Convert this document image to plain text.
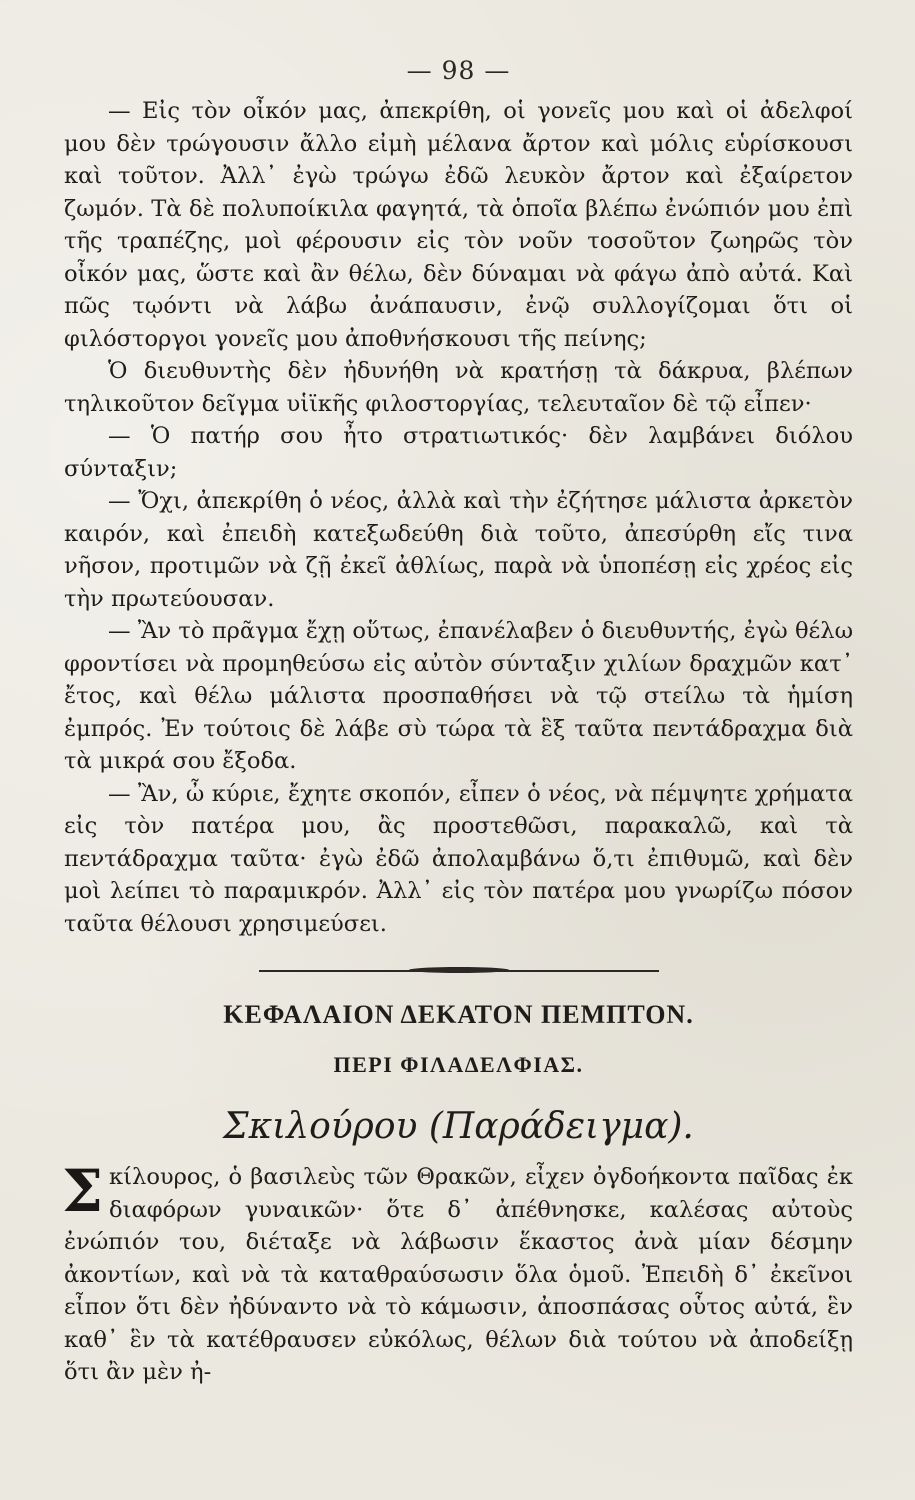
— 98 —

— Εἰς τὸν οἶκόν μας, ἀπεκρίθη, οἱ γονεῖς μου καὶ οἱ ἀδελφοί μου δὲν τρώγουσιν ἄλλο εἰμὴ μέλανα ἄρτον καὶ μόλις εὑρίσκουσι καὶ τοῦτον. Ἀλλ᾽ ἐγὼ τρώγω ἐδῶ λευκὸν ἄρτον καὶ ἐξαίρετον ζωμόν. Τὰ δὲ πολυποίκιλα φαγητά, τὰ ὁποῖα βλέπω ἐνώπιόν μου ἐπὶ τῆς τραπέζης, μοὶ φέρουσιν εἰς τὸν νοῦν τοσοῦτον ζωηρῶς τὸν οἶκόν μας, ὥστε καὶ ἂν θέλω, δὲν δύναμαι νὰ φάγω ἀπὸ αὐτά. Καὶ πῶς τῳόντι νὰ λάβω ἀνάπαυσιν, ἐνῷ συλλογίζομαι ὅτι οἱ φιλόστοργοι γονεῖς μου ἀποθνήσκουσι τῆς πείνης;

Ὁ διευθυντὴς δὲν ἠδυνήθη νὰ κρατήσῃ τὰ δάκρυα, βλέπων τηλικοῦτον δεῖγμα υἱϊκῆς φιλοστοργίας, τελευταῖον δὲ τῷ εἶπεν·

— Ὁ πατήρ σου ἦτο στρατιωτικός· δὲν λαμβάνει διόλου σύνταξιν;

— Ὄχι, ἀπεκρίθη ὁ νέος, ἀλλὰ καὶ τὴν ἐζήτησε μάλιστα ἀρκετὸν καιρόν, καὶ ἐπειδὴ κατεξωδεύθη διὰ τοῦτο, ἀπεσύρθη εἴς τινα νῆσον, προτιμῶν νὰ ζῇ ἐκεῖ ἀθλίως, παρὰ νὰ ὑποπέσῃ εἰς χρέος εἰς τὴν πρωτεύουσαν.

— Ἂν τὸ πρᾶγμα ἔχῃ οὕτως, ἐπανέλαβεν ὁ διευθυντής, ἐγὼ θέλω φροντίσει νὰ προμηθεύσω εἰς αὐτὸν σύνταξιν χιλίων δραχμῶν κατ᾽ ἔτος, καὶ θέλω μάλιστα προσπαθήσει νὰ τῷ στείλω τὰ ἡμίση ἐμπρός. Ἐν τούτοις δὲ λάβε σὺ τώρα τὰ ἓξ ταῦτα πεντάδραχμα διὰ τὰ μικρά σου ἔξοδα.

— Ἂν, ὦ κύριε, ἔχητε σκοπόν, εἶπεν ὁ νέος, νὰ πέμψητε χρήματα εἰς τὸν πατέρα μου, ἂς προστεθῶσι, παρακαλῶ, καὶ τὰ πεντάδραχμα ταῦτα· ἐγὼ ἐδῶ ἀπολαμβάνω ὅ,τι ἐπιθυμῶ, καὶ δὲν μοὶ λείπει τὸ παραμικρόν. Ἀλλ᾽ εἰς τὸν πατέρα μου γνωρίζω πόσον ταῦτα θέλουσι χρησιμεύσει.

ΚΕΦΑΛΑΙΟΝ ΔΕΚΑΤΟΝ ΠΕΜΠΤΟΝ.
ΠΕΡΙ ΦΙΛΑΔΕΛΦΙΑΣ.
Σκιλούρου (Παράδειγμα).

Σ κίλουρος, ὁ βασιλεὺς τῶν Θρακῶν, εἶχεν ὀγδοήκοντα παῖδας ἐκ διαφόρων γυναικῶν· ὅτε δ᾽ ἀπέθνησκε, καλέσας αὐτοὺς ἐνώπιόν του, διέταξε νὰ λάβωσιν ἕκαστος ἀνὰ μίαν δέσμην ἀκοντίων, καὶ νὰ τὰ καταθραύσωσιν ὅλα ὁμοῦ. Ἐπειδὴ δ᾽ ἐκεῖνοι εἶπον ὅτι δὲν ἠδύναντο νὰ τὸ κάμωσιν, ἀποσπάσας οὗτος αὐτά, ἓν καθ᾽ ἓν τὰ κατέθραυσεν εὐκόλως, θέλων διὰ τούτου νὰ ἀποδείξῃ ὅτι ἂν μὲν ἠ-
